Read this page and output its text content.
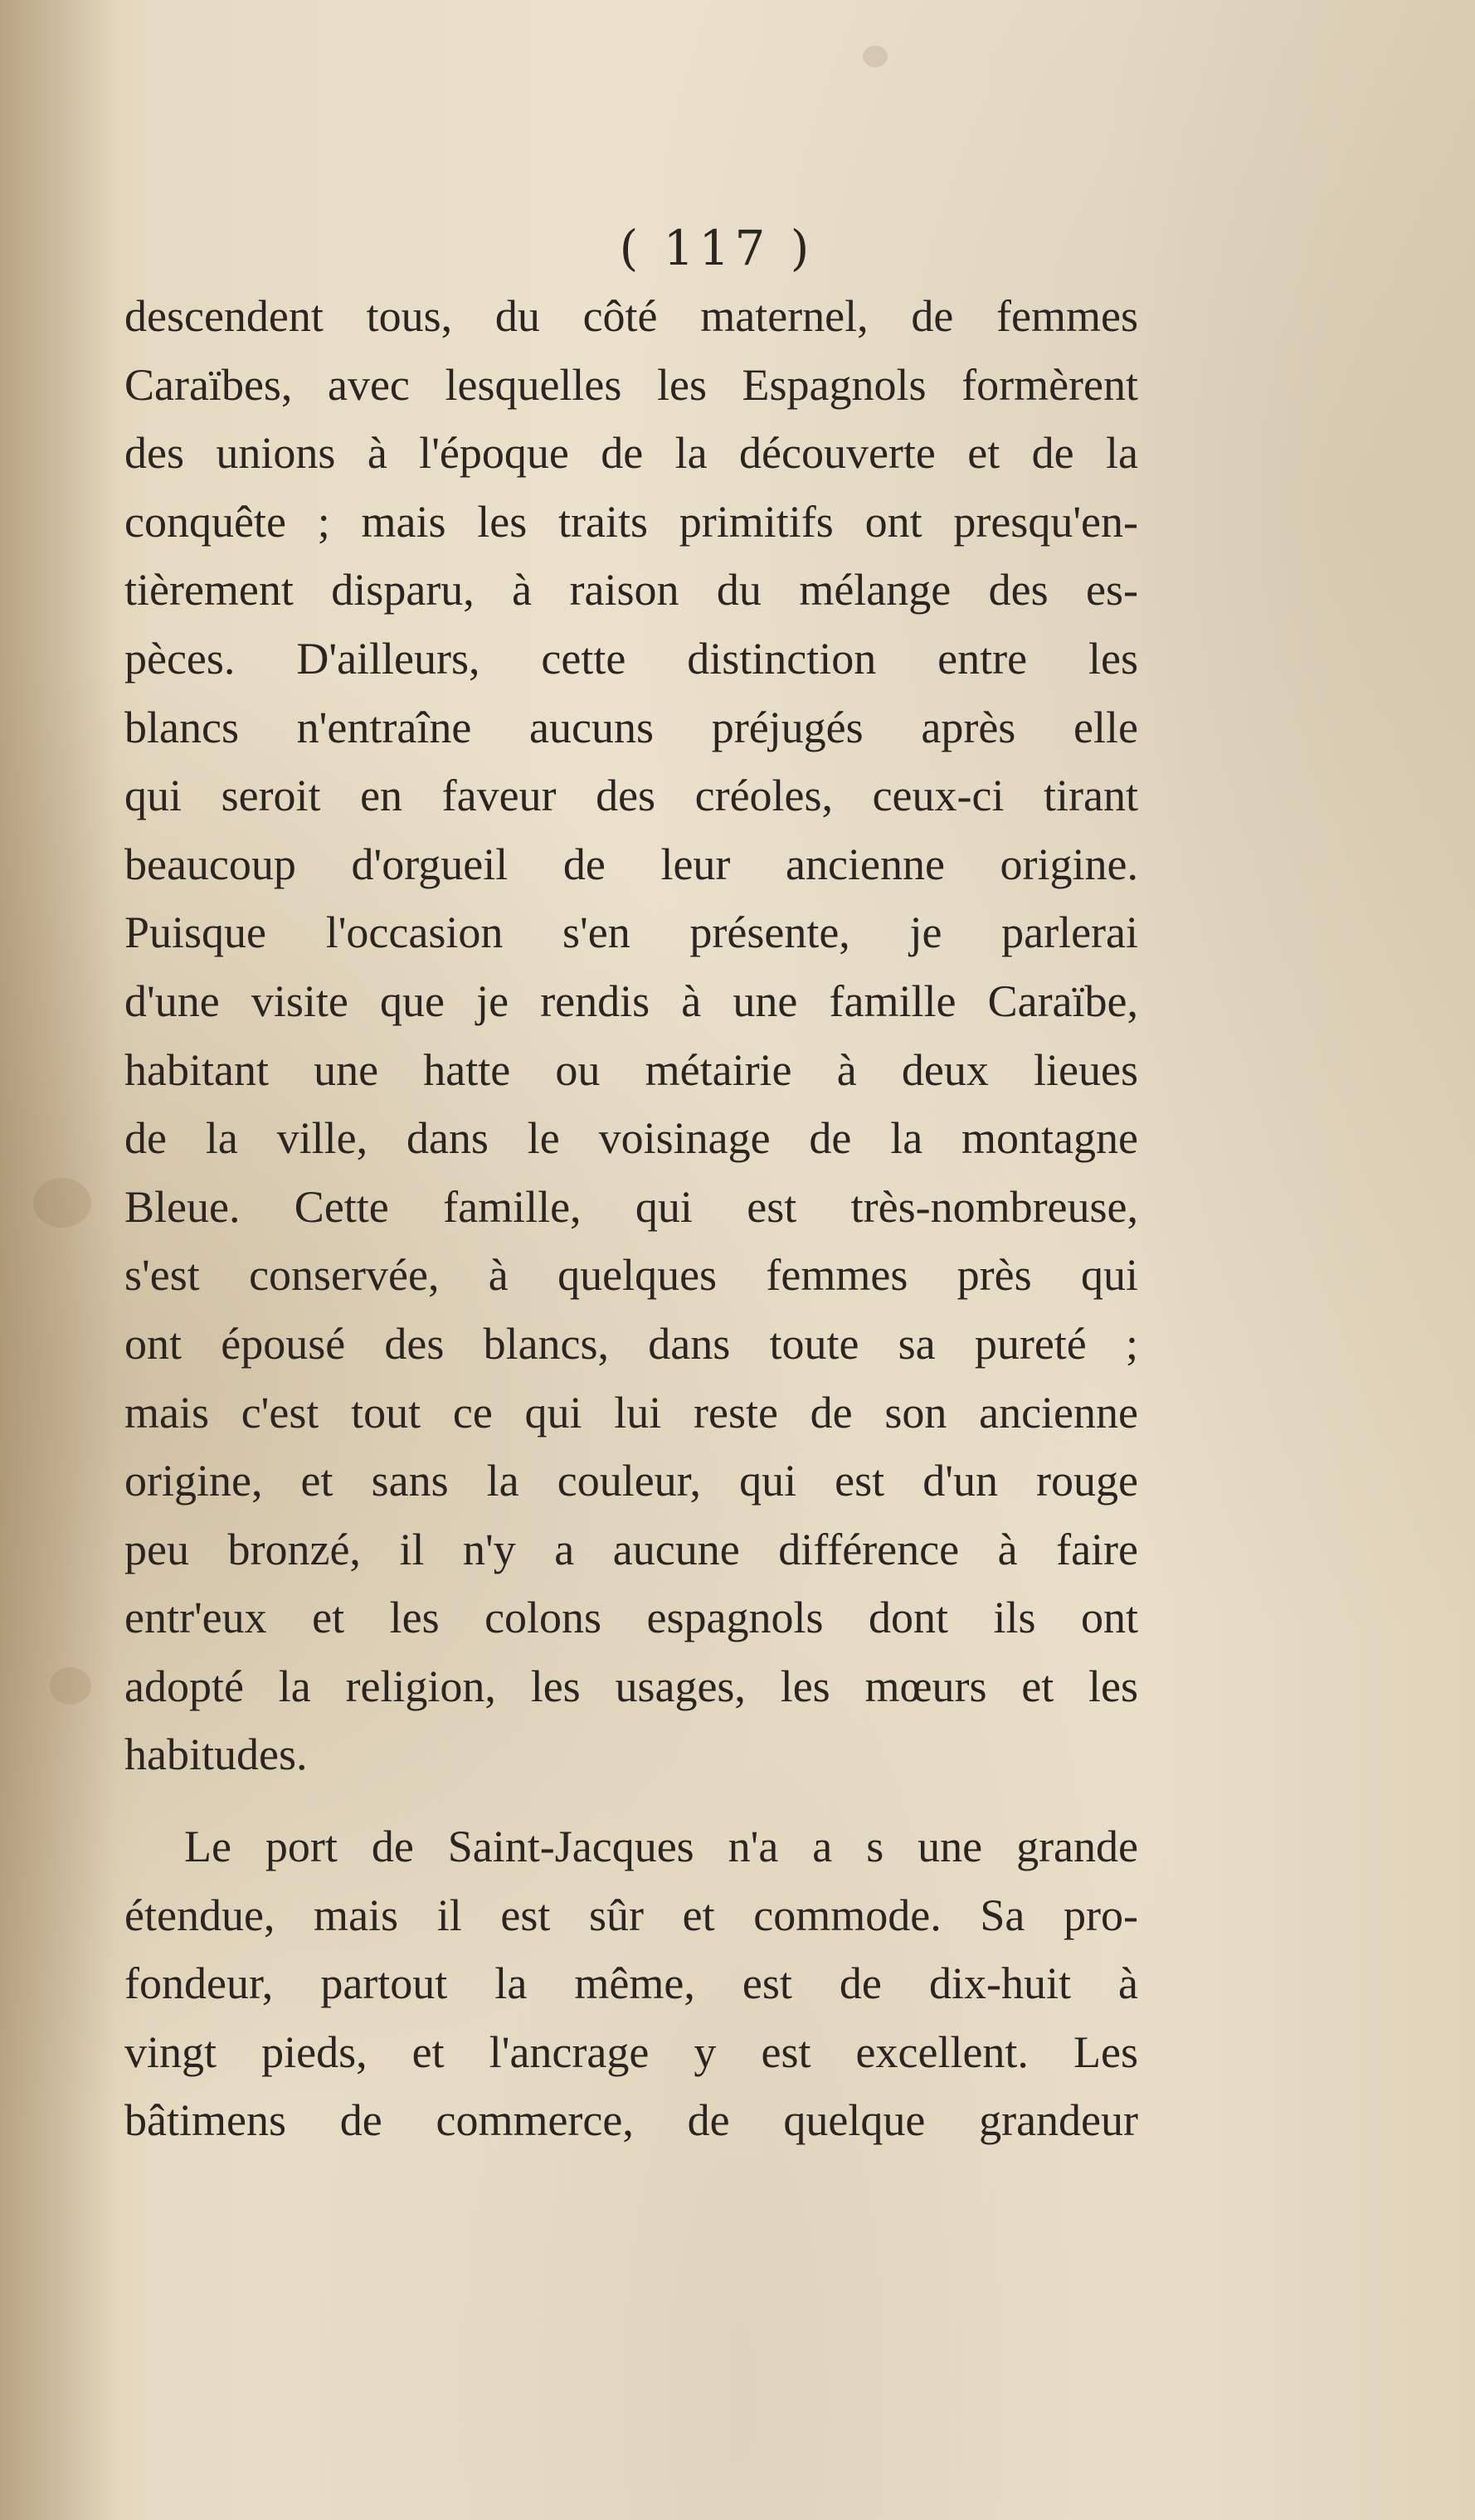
( 117 )

descendent tous, du côté maternel, de femmes
Caraïbes, avec lesquelles les Espagnols formèrent
des unions à l'époque de la découverte et de la
conquête ; mais les traits primitifs ont presqu'en-
tièrement disparu, à raison du mélange des es-
pèces. D'ailleurs, cette distinction entre les
blancs n'entraîne aucuns préjugés après elle
qui seroit en faveur des créoles, ceux-ci tirant
beaucoup d'orgueil de leur ancienne origine.
Puisque l'occasion s'en présente, je parlerai
d'une visite que je rendis à une famille Caraïbe,
habitant une hatte ou métairie à deux lieues
de la ville, dans le voisinage de la montagne
Bleue. Cette famille, qui est très-nombreuse,
s'est conservée, à quelques femmes près qui
ont épousé des blancs, dans toute sa pureté ;
mais c'est tout ce qui lui reste de son ancienne
origine, et sans la couleur, qui est d'un rouge
peu bronzé, il n'y a aucune différence à faire
entr'eux et les colons espagnols dont ils ont
adopté la religion, les usages, les mœurs et les
habitudes.
Le port de Saint-Jacques n'a a s une grande
étendue, mais il est sûr et commode. Sa pro-
fondeur, partout la même, est de dix-huit à
vingt pieds, et l'ancrage y est excellent. Les
bâtimens de commerce, de quelque grandeur
